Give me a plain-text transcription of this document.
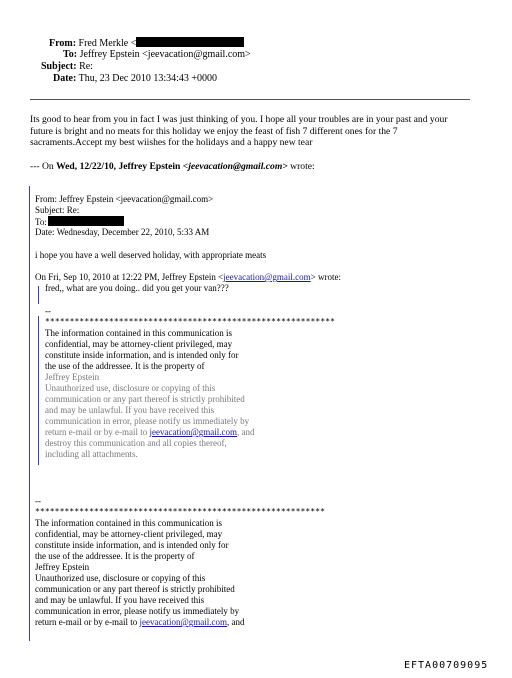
From: Fred Merkle <
To: Jeffrey Epstein <jeevacation@gmail.com>
Subject: Re:
Date: Thu, 23 Dec 2010 13:34:43 +0000
Its good to hear from you in fact I was just thinking of you. I hope all your troubles are in your past and your
future is bright and no meats for this holiday we enjoy the feast of fish 7 different ones for the 7
sacraments.Accept my best wiishes for the holidays and a happy new tear
--- On Wed, 12/22/10, Jeffrey Epstein <jeevacation@gmail.com> wrote:
From: Jeffrey Epstein <jeevacation@gmail.com>
Subject: Re:
To:
Date: Wednesday, December 22, 2010, 5:33 AM
i hope you have a well deserved holiday, with appropriate meats
On Fri, Sep 10, 2010 at 12:22 PM, Jeffrey Epstein <jeevacation@gmail.com> wrote:
fred,, what are you doing.. did you get your van???
--
***********************************************************
The information contained in this communication is
confidential, may be attorney-client privileged, may
constitute inside information, and is intended only for
the use of the addressee. It is the property of
Jeffrey Epstein
Unauthorized use, disclosure or copying of this
communication or any part thereof is strictly prohibited
and may be unlawful. If you have received this
communication in error, please notify us immediately by
return e-mail or by e-mail to jeevacation@gmail.com, and
destroy this communication and all copies thereof,
including all attachments.
--
***********************************************************
The information contained in this communication is
confidential, may be attorney-client privileged, may
constitute inside information, and is intended only for
the use of the addressee. It is the property of
Jeffrey Epstein
Unauthorized use, disclosure or copying of this
communication or any part thereof is strictly prohibited
and may be unlawful. If you have received this
communication in error, please notify us immediately by
return e-mail or by e-mail to jeevacation@gmail.com, and
EFTA00709095
